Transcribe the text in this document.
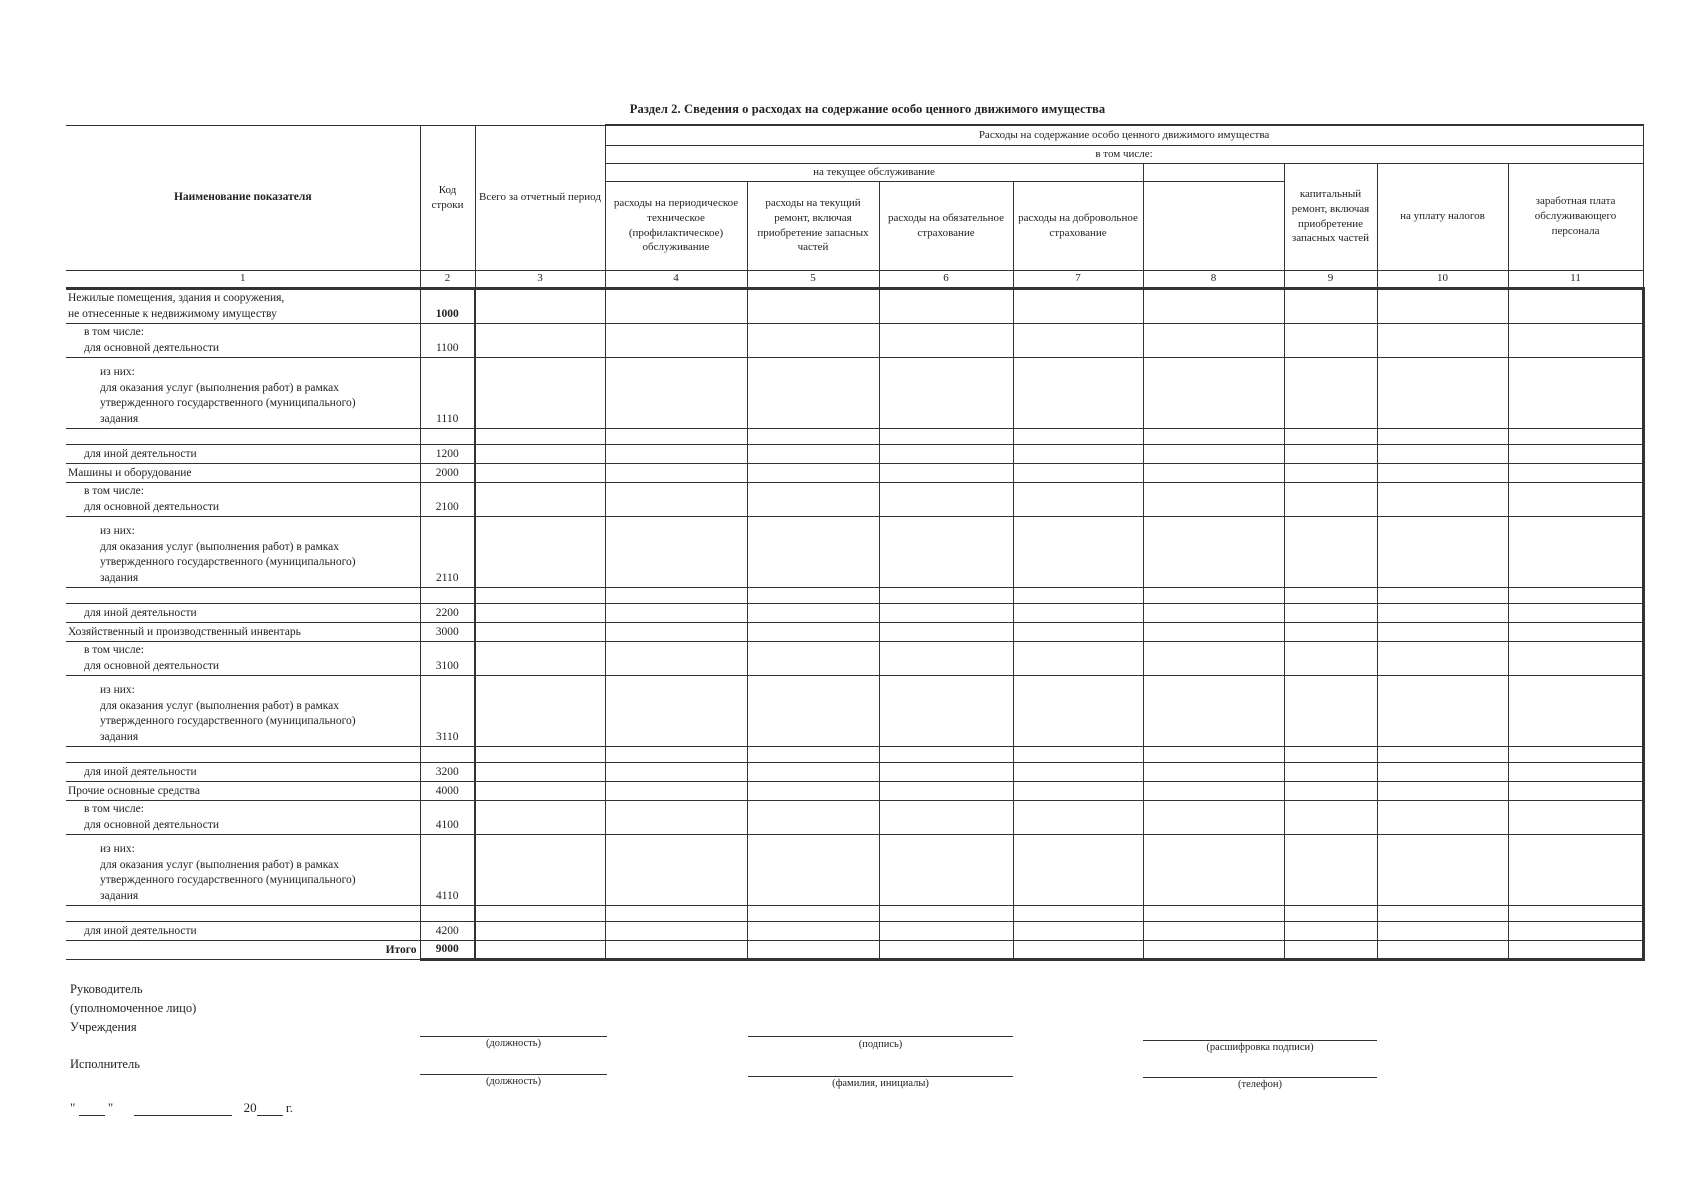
Раздел 2. Сведения о расходах на содержание особо ценного движимого имущества
Наименование показателя	Код строки	Всего за отчетный период	Расходы на содержание особо ценного движимого имущества								
			в том числе:								
			на текущее обслуживание					капитальный ремонт, включая приобретение запасных частей	на уплату налогов	заработная плата обслуживающего персонала	
			расходы на периодическое техническое (профилактическое) обслуживание	расходы на текущий ремонт, включая приобретение запасных частей	расходы на обязательное страхование	расходы на добровольное страхование					
1	2	3	4	5	6	7	8	9	10	11	
Нежилые помещения, здания и сооружения,
не отнесенные к недвижимому имуществу	1000										

в том числе:
для основной деятельности	1100										

из них:
для оказания услуг (выполнения работ) в рамках
утвержденного государственного (муниципального)
задания	1110										

для иной деятельности	1200										
Машины и оборудование	2000										

в том числе:
для основной деятельности	2100										

из них:
для оказания услуг (выполнения работ) в рамках
утвержденного государственного (муниципального)
задания	2110										

для иной деятельности	2200										
Хозяйственный и производственный инвентарь	3000										

в том числе:
для основной деятельности	3100										

из них:
для оказания услуг (выполнения работ) в рамках
утвержденного государственного (муниципального)
задания	3110										

для иной деятельности	3200										
Прочие основные средства	4000										

в том числе:
для основной деятельности	4100										

из них:
для оказания услуг (выполнения работ) в рамках
утвержденного государственного (муниципального)
задания	4110										

для иной деятельности	4200										
Итого	9000										
Руководитель
(уполномоченное лицо)
Учреждения
Исполнитель
(должность)	(подпись)	(расшифровка подписи)
(должность)	(фамилия, инициалы)	(телефон)
"	"	20 г.
